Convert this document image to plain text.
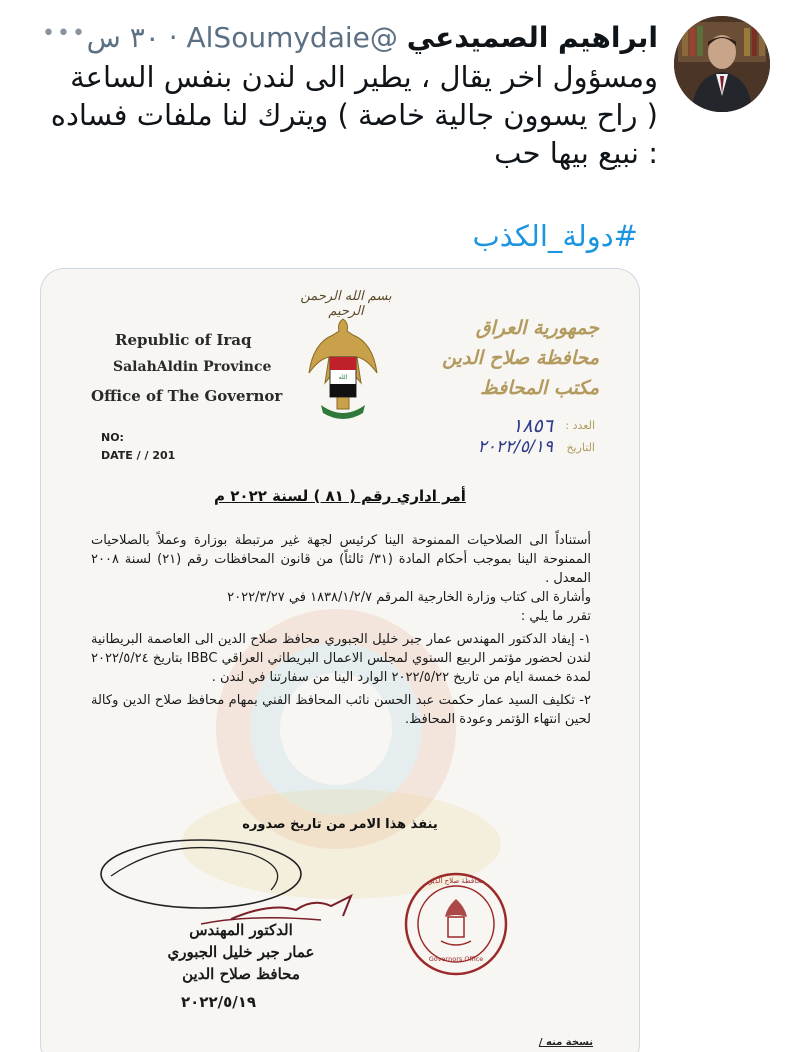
ابراهيم الصميدعي @AlSoumydaie · ٣٠ س
•••

ومسؤول اخر يقال ، يطير الى لندن بنفس الساعة

( راح يسوون جالية خاصة ) ويترك لنا ملفات فساده

: نبيع بيها حب

#دولة_الكذب
بسم الله الرحمن الرحيم
Republic of Iraq
SalahAldin Province
Office of The Governor
الله
جمهورية العراق
محافظة صلاح الدين
مكتب المحافظ
NO:
DATE / / 201
العدد :
١٨٥٦
التاريخ
٢٠٢٢/٥/١٩
أمر اداري رقم ( ٨١ ) لسنة ٢٠٢٢ م

أستناداً الى الصلاحيات الممنوحة الينا كرئيس لجهة غير مرتبطة بوزارة وعملاً بالصلاحيات الممنوحة الينا بموجب أحكام المادة (٣١/ ثالثاً) من قانون المحافظات رقم (٢١) لسنة ٢٠٠٨ المعدل .

وأشارة الى كتاب وزارة الخارجية المرقم ١٨٣٨/١/٢/٧ في ٢٠٢٢/٣/٢٧

تقرر ما يلي :

١- إيفاد الدكتور المهندس عمار جبر خليل الجبوري محافظ صلاح الدين الى العاصمة البريطانية لندن لحضور مؤتمر الربيع السنوي لمجلس الاعمال البريطاني العراقي IBBC بتاريخ ٢٠٢٢/٥/٢٤ لمدة خمسة ايام من تاريخ ٢٠٢٢/٥/٢٢ الوارد الينا من سفارتنا في لندن .

٢- تكليف السيد عمار حكمت عبد الحسن نائب المحافظ الفني بمهام محافظ صلاح الدين وكالة لحين انتهاء الؤتمر وعودة المحافظ.

ينفذ هذا الامر من تاريخ صدوره
الدكتور المهندس
عمار جبر خليل الجبوري
محافظ صلاح الدين
٢٠٢٢/٥/١٩
محافظة صلاح الدين
Governors Office
نسخة منه /
